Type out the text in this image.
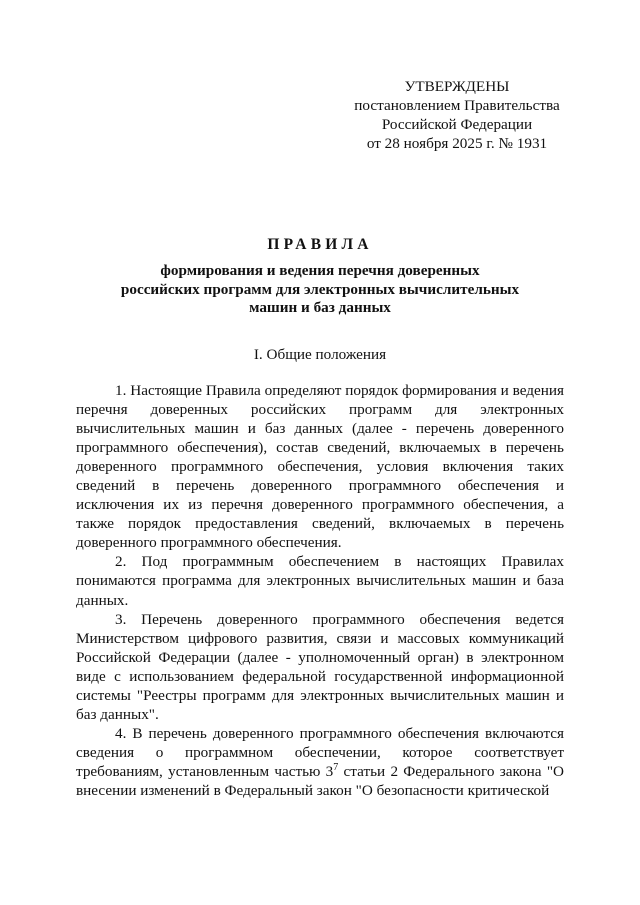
УТВЕРЖДЕНЫ
постановлением Правительства
Российской Федерации
от 28 ноября 2025 г. № 1931
ПРАВИЛА
формирования и ведения перечня доверенных
российских программ для электронных вычислительных
машин и баз данных
I. Общие положения

1. Настоящие Правила определяют порядок формирования и ведения перечня доверенных российских программ для электронных вычислительных машин и баз данных (далее - перечень доверенного программного обеспечения), состав сведений, включаемых в перечень доверенного программного обеспечения, условия включения таких сведений в перечень доверенного программного обеспечения и исключения их из перечня доверенного программного обеспечения, а также порядок предоставления сведений, включаемых в перечень доверенного программного обеспечения.

2. Под программным обеспечением в настоящих Правилах понимаются программа для электронных вычислительных машин и база данных.

3. Перечень доверенного программного обеспечения ведется Министерством цифрового развития, связи и массовых коммуникаций Российской Федерации (далее - уполномоченный орган) в электронном виде с использованием федеральной государственной информационной системы "Реестры программ для электронных вычислительных машин и баз данных".

4. В перечень доверенного программного обеспечения включаются сведения о программном обеспечении, которое соответствует требованиям, установленным частью $3^7$ статьи 2 Федерального закона "О внесении изменений в Федеральный закон "О безопасности критической
